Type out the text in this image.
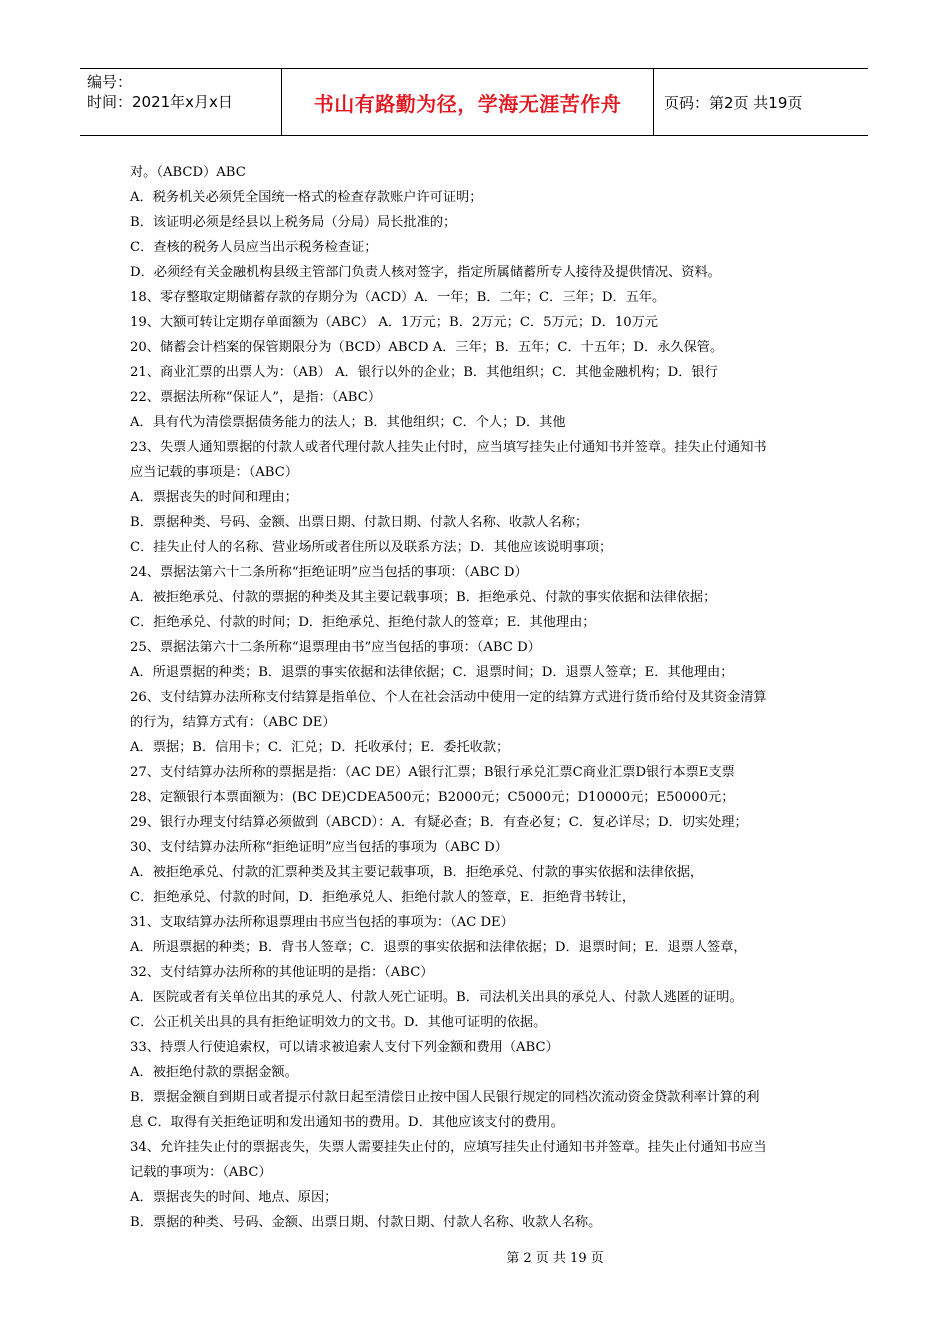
编号：
时间：2021年x月x日	书山有路勤为径，学海无涯苦作舟	页码：第2页 共19页
对。（ABCD）ABC
A．税务机关必须凭全国统一格式的检查存款账户许可证明；
B．该证明必须是经县以上税务局（分局）局长批准的；
C．查核的税务人员应当出示税务检查证；
D．必须经有关金融机构县级主管部门负责人核对签字，指定所属储蓄所专人接待及提供情况、资料。
18、零存整取定期储蓄存款的存期分为（ACD）A．一年；B．二年；C．三年；D．五年。
19、大额可转让定期存单面额为（ABC） A．1万元；B．2万元；C．5万元；D．10万元
20、储蓄会计档案的保管期限分为（BCD）ABCD A．三年；B．五年；C．十五年；D．永久保管。
21、商业汇票的出票人为：（AB） A．银行以外的企业；B．其他组织；C．其他金融机构；D．银行
22、票据法所称“保证人”，是指：（ABC）
A．具有代为清偿票据债务能力的法人；B．其他组织；C．个人；D．其他
23、失票人通知票据的付款人或者代理付款人挂失止付时，应当填写挂失止付通知书并签章。挂失止付通知书
应当记载的事项是：（ABC）
A．票据丧失的时间和理由；
B．票据种类、号码、金额、出票日期、付款日期、付款人名称、收款人名称；
C．挂失止付人的名称、营业场所或者住所以及联系方法；D．其他应该说明事项；
24、票据法第六十二条所称“拒绝证明”应当包括的事项：（ABC D）
A．被拒绝承兑、付款的票据的种类及其主要记载事项；B．拒绝承兑、付款的事实依据和法律依据；
C．拒绝承兑、付款的时间；D．拒绝承兑、拒绝付款人的签章；E．其他理由；
25、票据法第六十二条所称“退票理由书”应当包括的事项：（ABC D）
A．所退票据的种类；B．退票的事实依据和法律依据；C．退票时间；D．退票人签章；E．其他理由；
26、支付结算办法所称支付结算是指单位、个人在社会活动中使用一定的结算方式进行货币给付及其资金清算
的行为，结算方式有：（ABC DE）
A．票据；B．信用卡；C．汇兑；D．托收承付；E．委托收款；
27、支付结算办法所称的票据是指：（AC DE）A银行汇票；B银行承兑汇票C商业汇票D银行本票E支票
28、定额银行本票面额为：(BC DE)CDEA500元；B2000元；C5000元；D10000元；E50000元；
29、银行办理支付结算必须做到（ABCD）：A．有疑必查；B．有查必复；C．复必详尽；D．切实处理；
30、支付结算办法所称“拒绝证明”应当包括的事项为（ABC D）
A．被拒绝承兑、付款的汇票种类及其主要记载事项，B．拒绝承兑、付款的事实依据和法律依据，
C．拒绝承兑、付款的时间，D．拒绝承兑人、拒绝付款人的签章，E．拒绝背书转让，
31、支取结算办法所称退票理由书应当包括的事项为：（AC DE）
A．所退票据的种类；B．背书人签章；C．退票的事实依据和法律依据；D．退票时间；E．退票人签章，
32、支付结算办法所称的其他证明的是指：（ABC）
A．医院或者有关单位出其的承兑人、付款人死亡证明。B．司法机关出具的承兑人、付款人逃匿的证明。
C．公正机关出具的具有拒绝证明效力的文书。D．其他可证明的依据。
33、持票人行使追索权，可以请求被追索人支付下列金额和费用（ABC）
A．被拒绝付款的票据金额。
B．票据金额自到期日或者提示付款日起至清偿日止按中国人民银行规定的同档次流动资金贷款利率计算的利
息 C．取得有关拒绝证明和发出通知书的费用。D．其他应该支付的费用。
34、允许挂失止付的票据丧失，失票人需要挂失止付的，应填写挂失止付通知书并签章。挂失止付通知书应当
记载的事项为：（ABC）
A．票据丧失的时间、地点、原因；
B．票据的种类、号码、金额、出票日期、付款日期、付款人名称、收款人名称。
第 2 页 共 19 页
